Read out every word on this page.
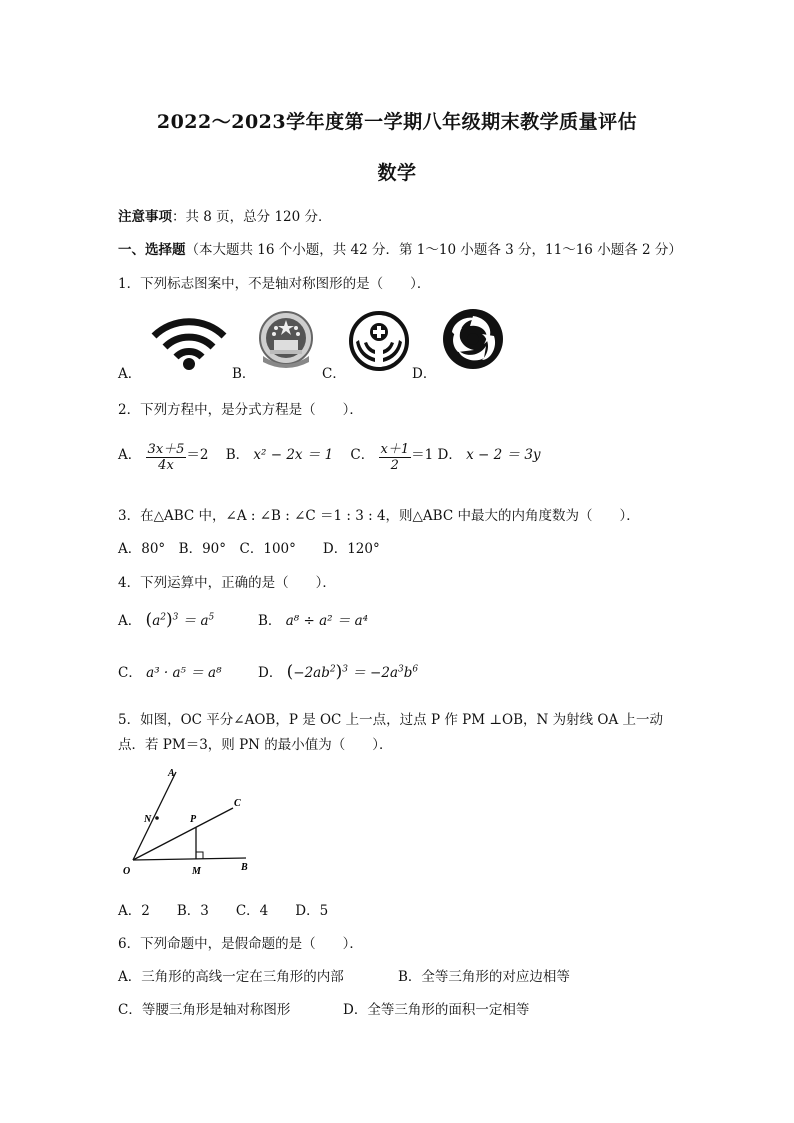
2022～2023学年度第一学期八年级期末教学质量评估
数学
注意事项：共 8 页，总分 120 分．
一、选择题（本大题共 16 个小题，共 42 分．第 1～10 小题各 3 分，11～16 小题各 2 分）
1．下列标志图案中，不是轴对称图形的是（　　）．
A．	B．	C．	D．
2．下列方程中，是分式方程是（　　）．
A． $\frac{3x+5}{4x} =2$ B． x² − 2x ＝ 1 C． $\frac{x+1}{2} =1$ D． x − 2 ＝ 3y
3．在△ABC 中，∠A : ∠B : ∠C ＝1 : 3 : 4，则△ABC 中最大的内角度数为（　　）．
A．80°　B．90°　C．100°　　D．120°
4．下列运算中，正确的是（　　）．
A． $(a^2)^3 = a^5$	B． a⁸ ÷ a² ＝ a⁴
C． a³ · a⁵ ＝ a⁸	D． $(-2ab^2)^3 = -2a^3b^6$
5．如图，OC 平分∠AOB，P 是 OC 上一点，过点 P 作 PM ⊥OB，N 为射线 OA 上一动
点．若 PM＝3，则 PN 的最小值为（　　）．
A
C
N	P
O	M	B
A．2　　B．3　　C．4　　D．5
6．下列命题中，是假命题的是（　　）．
A．三角形的高线一定在三角形的内部	B．全等三角形的对应边相等
C．等腰三角形是轴对称图形	D．全等三角形的面积一定相等
